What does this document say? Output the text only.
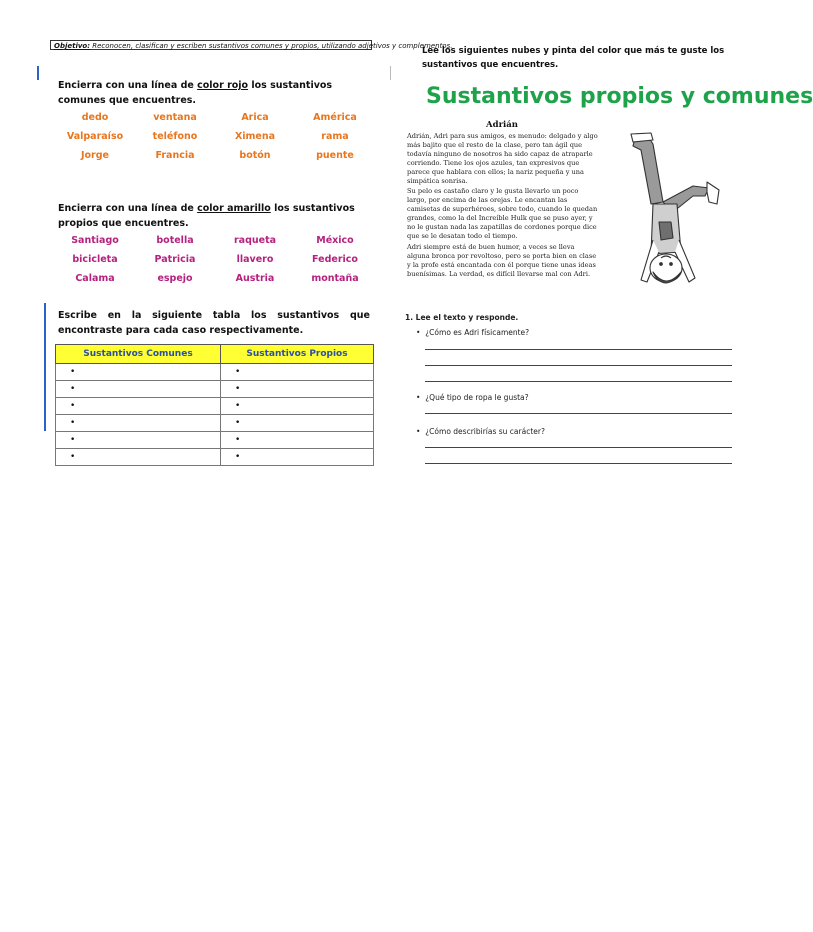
Objetivo: Reconocen, clasifican y escriben sustantivos comunes y propios, utilizando adjetivos y complementos.
Encierra con una línea de color rojo los sustantivos comunes que encuentres.
dedo	ventana	Arica	América
Valparaíso	teléfono	Ximena	rama
Jorge	Francia	botón	puente
Encierra con una línea de color amarillo los sustantivos propios que encuentres.
Santiago	botella	raqueta	México
bicicleta	Patricia	llavero	Federico
Calama	espejo	Austria	montaña
Escribe en la siguiente tabla los sustantivos que encontraste para cada caso respectivamente.
Sustantivos Comunes	Sustantivos Propios
•	•
•	•
•	•
•	•
•	•
•	•
Lee los siguientes nubes y pinta del color que más te guste los sustantivos que encuentres.
Sustantivos propios y comunes
Adrián

Adrián, Adri para sus amigos, es menudo: delgado y algo más bajito que el resto de la clase, pero tan ágil que todavía ninguno de nosotros ha sido capaz de atraparle corriendo. Tiene los ojos azules, tan expresivos que parece que hablara con ellos; la nariz pequeña y una simpática sonrisa.

Su pelo es castaño claro y le gusta llevarlo un poco largo, por encima de las orejas. Le encantan las camisetas de superhéroes, sobre todo, cuando le quedan grandes, como la del Increíble Hulk que se puso ayer, y no le gustan nada las zapatillas de cordones porque dice que se le desatan todo el tiempo.

Adri siempre está de buen humor, a veces se lleva alguna bronca por revoltoso, pero se porta bien en clase y la profe está encantada con él porque tiene unas ideas buenísimas. La verdad, es difícil llevarse mal con Adri.

1. Lee el texto y responde.
•  ¿Cómo es Adri físicamente?
•  ¿Qué tipo de ropa le gusta?
•  ¿Cómo describirías su carácter?
